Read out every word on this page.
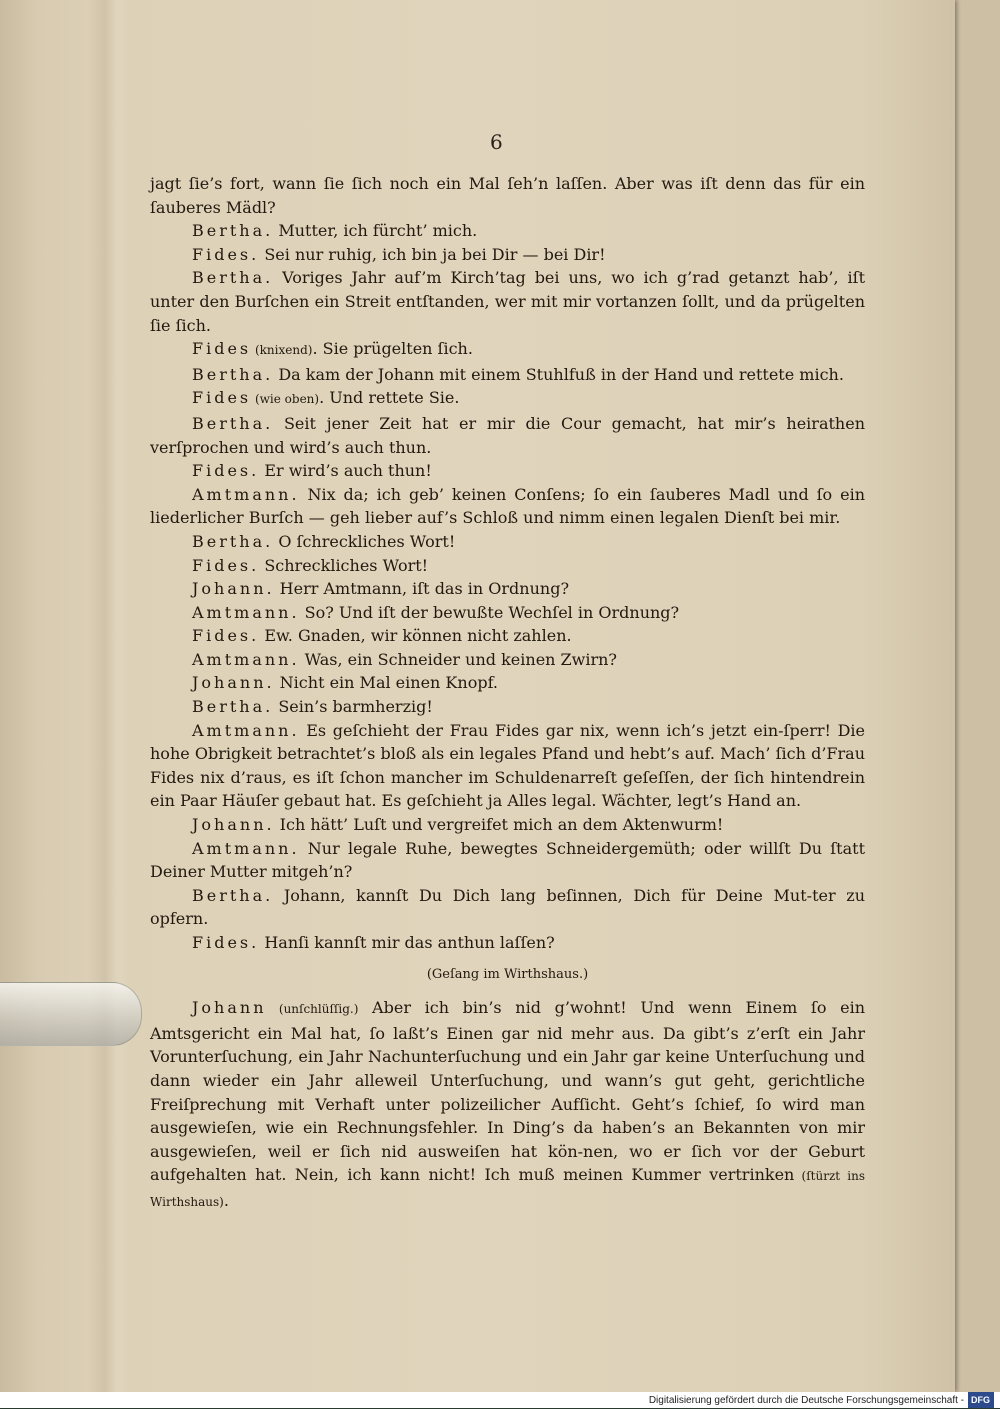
6

jagt ſie’s fort, wann ſie ſich noch ein Mal ſeh’n laſſen. Aber was iſt denn das für ein ſauberes Mädl?

Bertha. Mutter, ich fürcht’ mich.

Fides. Sei nur ruhig, ich bin ja bei Dir — bei Dir!

Bertha. Voriges Jahr auf’m Kirch’tag bei uns, wo ich g’rad getanzt hab’, iſt unter den Burſchen ein Streit entſtanden, wer mit mir vortanzen ſollt, und da prügelten ſie ſich.

Fides (knixend). Sie prügelten ſich.

Bertha. Da kam der Johann mit einem Stuhlfuß in der Hand und rettete mich.

Fides (wie oben). Und rettete Sie.

Bertha. Seit jener Zeit hat er mir die Cour gemacht, hat mir’s heirathen verſprochen und wird’s auch thun.

Fides. Er wird’s auch thun!

Amtmann. Nix da; ich geb’ keinen Conſens; ſo ein ſauberes Madl und ſo ein liederlicher Burſch — geh lieber auf’s Schloß und nimm einen legalen Dienſt bei mir.

Bertha. O ſchreckliches Wort!

Fides. Schreckliches Wort!

Johann. Herr Amtmann, iſt das in Ordnung?

Amtmann. So? Und iſt der bewußte Wechſel in Ordnung?

Fides. Ew. Gnaden, wir können nicht zahlen.

Amtmann. Was, ein Schneider und keinen Zwirn?

Johann. Nicht ein Mal einen Knopf.

Bertha. Sein’s barmherzig!

Amtmann. Es geſchieht der Frau Fides gar nix, wenn ich’s jetzt ein-ſperr! Die hohe Obrigkeit betrachtet’s bloß als ein legales Pfand und hebt’s auf. Mach’ ſich d’Frau Fides nix d’raus, es iſt ſchon mancher im Schuldenarreſt geſeſſen, der ſich hintendrein ein Paar Häuſer gebaut hat. Es geſchieht ja Alles legal. Wächter, legt’s Hand an.

Johann. Ich hätt’ Luſt und vergreifet mich an dem Aktenwurm!

Amtmann. Nur legale Ruhe, bewegtes Schneidergemüth; oder willſt Du ſtatt Deiner Mutter mitgeh’n?

Bertha. Johann, kannſt Du Dich lang beſinnen, Dich für Deine Mut-ter zu opfern.

Fides. Hanſi kannſt mir das anthun laſſen?

(Geſang im Wirthshaus.)

Johann (unſchlüſſig.) Aber ich bin’s nid g’wohnt! Und wenn Einem ſo ein Amtsgericht ein Mal hat, ſo laßt’s Einen gar nid mehr aus. Da gibt’s z’erſt ein Jahr Vorunterſuchung, ein Jahr Nachunterſuchung und ein Jahr gar keine Unterſuchung und dann wieder ein Jahr alleweil Unterſuchung, und wann’s gut geht, gerichtliche Freiſprechung mit Verhaft unter polizeilicher Aufſicht. Geht’s ſchief, ſo wird man ausgewieſen, wie ein Rechnungsfehler. In Ding’s da haben’s an Bekannten von mir ausgewieſen, weil er ſich nid ausweiſen hat kön-nen, wo er ſich vor der Geburt aufgehalten hat. Nein, ich kann nicht! Ich muß meinen Kummer vertrinken (ſtürzt ins Wirthshaus).

Digitalisierung gefördert durch die Deutsche Forschungsgemeinschaft - DFG
